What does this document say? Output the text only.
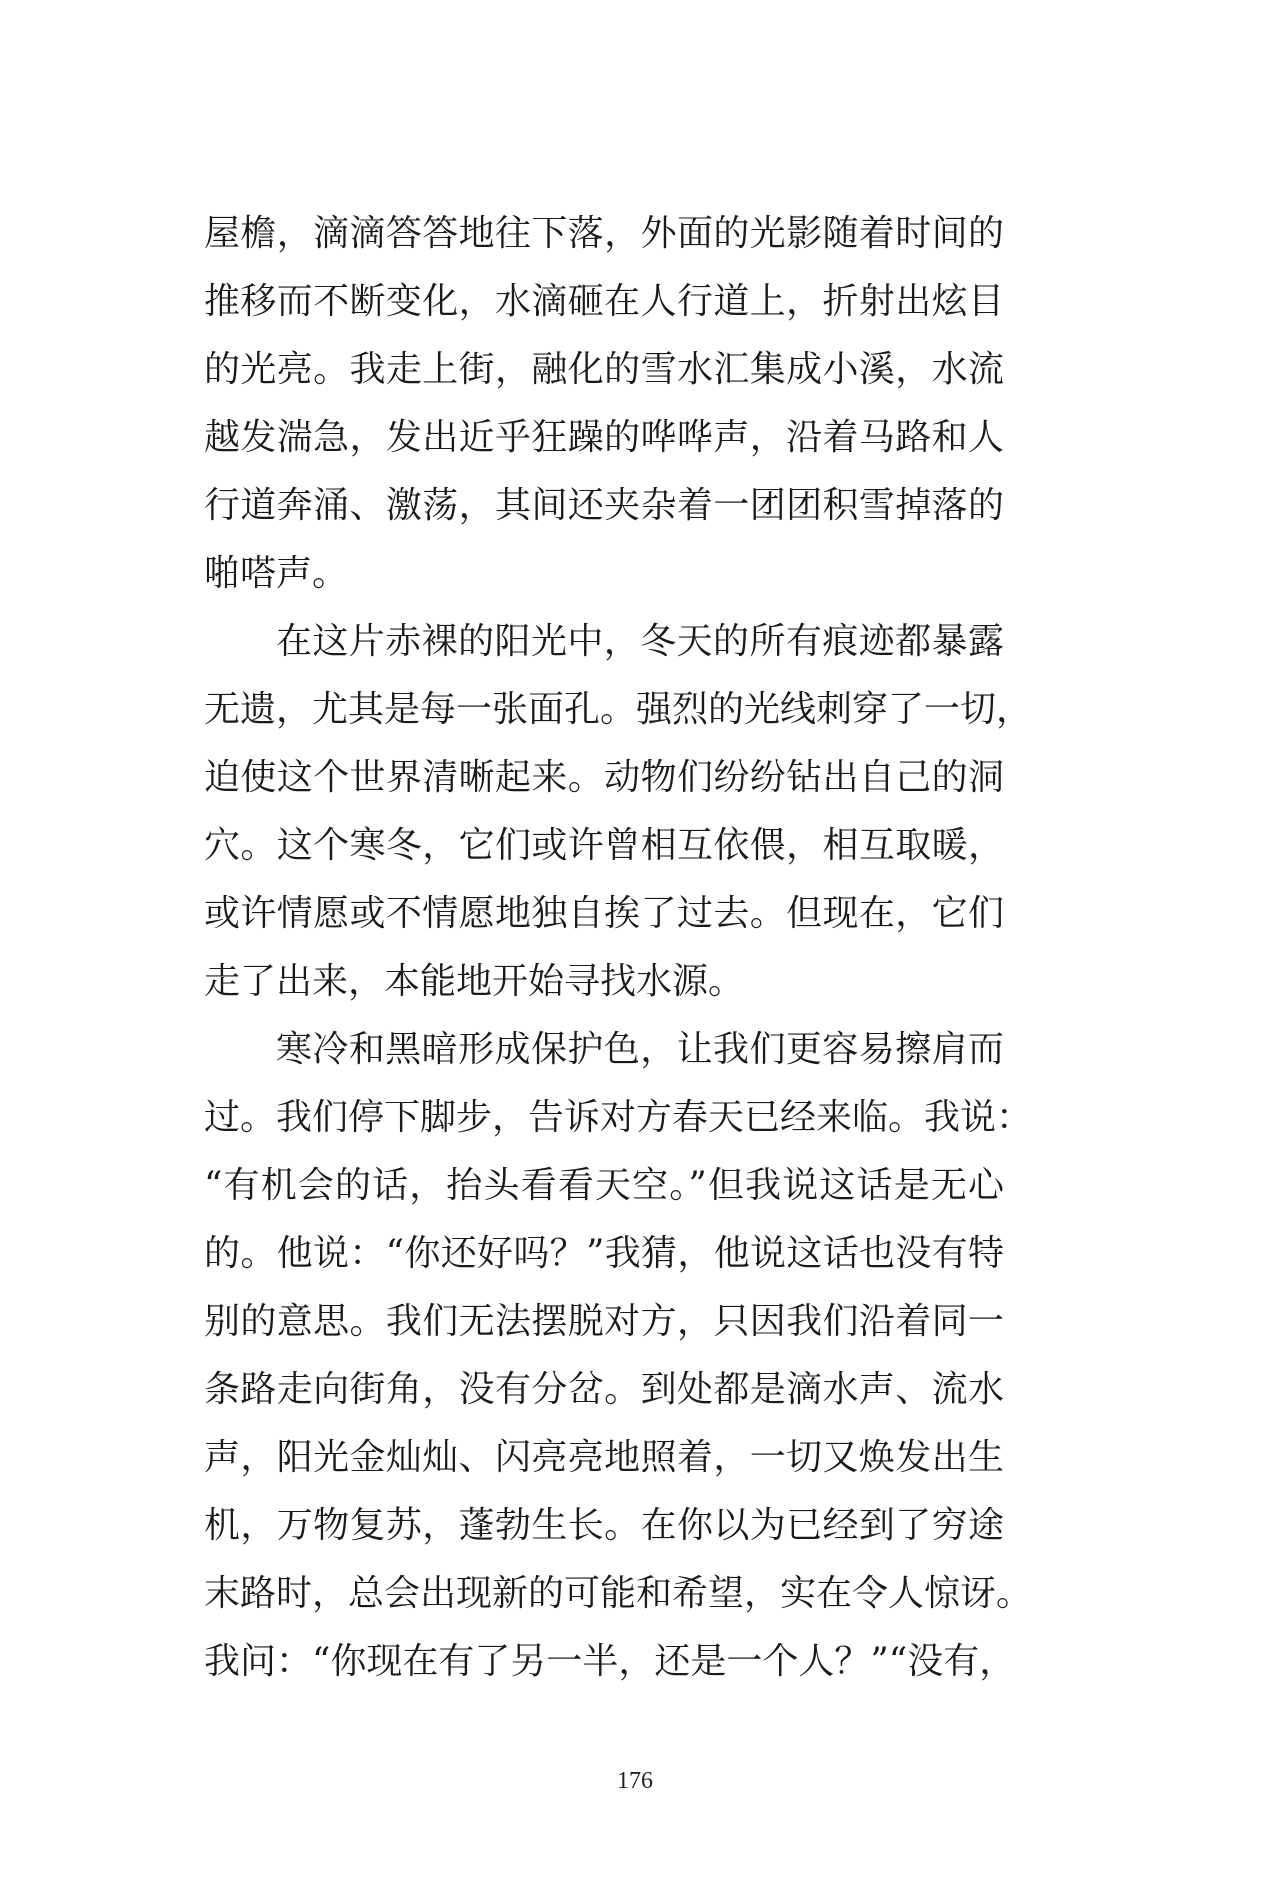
屋檐，滴滴答答地往下落，外面的光影随着时间的
推移而不断变化，水滴砸在人行道上，折射出炫目
的光亮。我走上街，融化的雪水汇集成小溪，水流
越发湍急，发出近乎狂躁的哗哗声，沿着马路和人
行道奔涌、激荡，其间还夹杂着一团团积雪掉落的
啪嗒声。
在这片赤裸的阳光中，冬天的所有痕迹都暴露
无遗，尤其是每一张面孔。强烈的光线刺穿了一切，
迫使这个世界清晰起来。动物们纷纷钻出自己的洞
穴。这个寒冬，它们或许曾相互依偎，相互取暖，
或许情愿或不情愿地独自挨了过去。但现在，它们
走了出来，本能地开始寻找水源。
寒冷和黑暗形成保护色，让我们更容易擦肩而
过。我们停下脚步，告诉对方春天已经来临。我说：
“有机会的话，抬头看看天空。”但我说这话是无心
的。他说：“你还好吗？”我猜，他说这话也没有特
别的意思。我们无法摆脱对方，只因我们沿着同一
条路走向街角，没有分岔。到处都是滴水声、流水
声，阳光金灿灿、闪亮亮地照着，一切又焕发出生
机，万物复苏，蓬勃生长。在你以为已经到了穷途
末路时，总会出现新的可能和希望，实在令人惊讶。
我问：“你现在有了另一半，还是一个人？”“没有，
176
